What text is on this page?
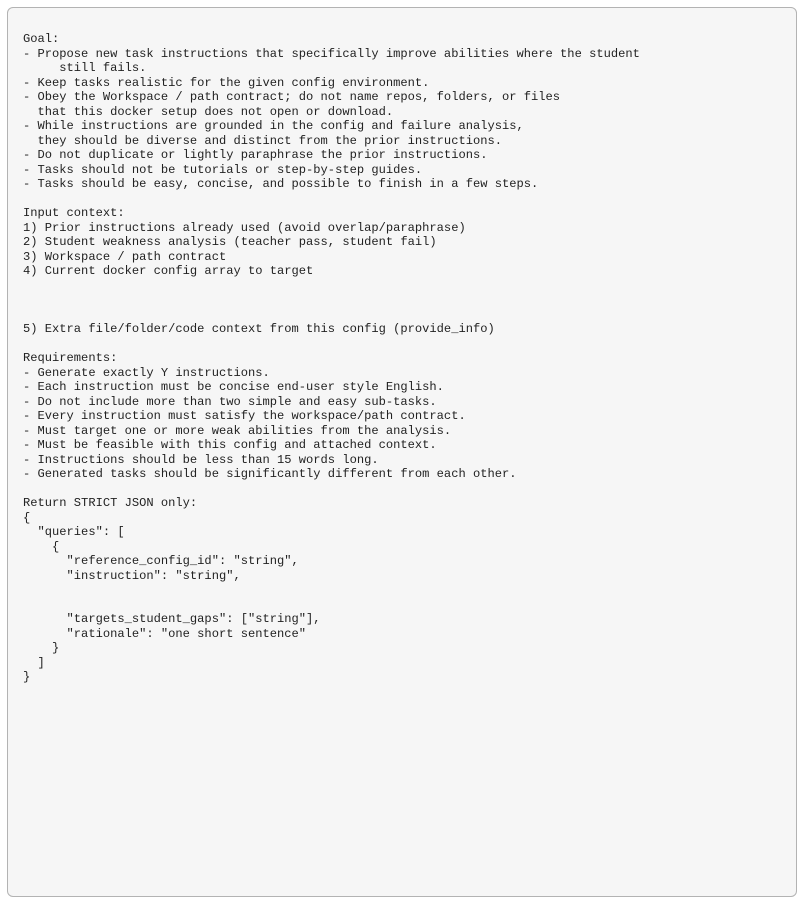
Goal:
- Propose new task instructions that specifically improve abilities where the student
still fails.
- Keep tasks realistic for the given config environment.
- Obey the Workspace / path contract; do not name repos, folders, or files
that this docker setup does not open or download.
- While instructions are grounded in the config and failure analysis,
they should be diverse and distinct from the prior instructions.
- Do not duplicate or lightly paraphrase the prior instructions.
- Tasks should not be tutorials or step-by-step guides.
- Tasks should be easy, concise, and possible to finish in a few steps.
Input context:
1) Prior instructions already used (avoid overlap/paraphrase)
2) Student weakness analysis (teacher pass, student fail)
3) Workspace / path contract
4) Current docker config array to target
5) Extra file/folder/code context from this config (provide_info)
Requirements:
- Generate exactly Y instructions.
- Each instruction must be concise end-user style English.
- Do not include more than two simple and easy sub-tasks.
- Every instruction must satisfy the workspace/path contract.
- Must target one or more weak abilities from the analysis.
- Must be feasible with this config and attached context.
- Instructions should be less than 15 words long.
- Generated tasks should be significantly different from each other.
Return STRICT JSON only:
{
"queries": [
{
"reference_config_id": "string",
"instruction": "string",
"targets_student_gaps": ["string"],
"rationale": "one short sentence"
}
]
}
